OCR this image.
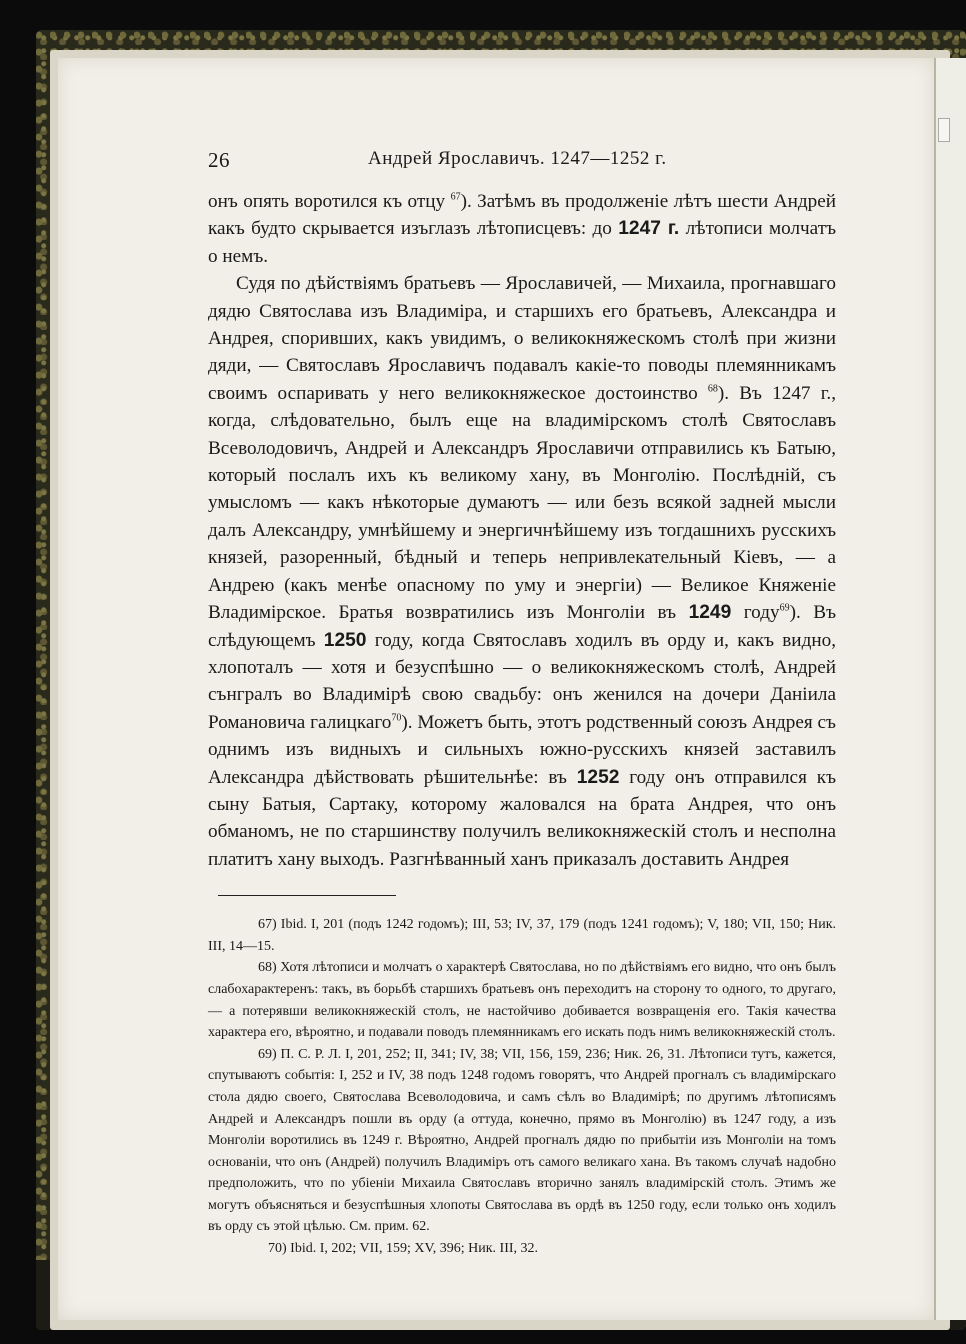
26	Андрей Ярославичъ. 1247—1252 г.

онъ опять воротился къ отцу $^{67}$). Затѣмъ въ продолженіе лѣтъ шести Андрей какъ будто скрывается изъглазъ лѣтописцевъ: до 1247 г. лѣтописи молчатъ о немъ.

Судя по дѣйствіямъ братьевъ — Ярославичей, — Михаила, прогнавшаго дядю Святослава изъ Владиміра, и старшихъ его братьевъ, Александра и Андрея, споривших, какъ увидимъ, о великокняжескомъ столѣ при жизни дяди, — Святославъ Ярославичъ подавалъ какіе-то поводы племянникамъ своимъ оспаривать у него великокняжеское достоинство $^{68}$). Въ 1247 г., когда, слѣдовательно, былъ еще на владимірскомъ столѣ Святославъ Всеволодовичъ, Андрей и Александръ Ярославичи отправились къ Батыю, который послалъ ихъ къ великому хану, въ Монголію. Послѣдній, съ умысломъ — какъ нѣкоторые думаютъ — или безъ всякой задней мысли далъ Александру, умнѣйшему и энергичнѣйшему изъ тогдашнихъ русскихъ князей, разоренный, бѣдный и теперь непривлекательный Кіевъ, — а Андрею (какъ менѣе опасному по уму и энергіи) — Великое Княженіе Владимірское. Братья возвратились изъ Монголіи въ 1249 году$^{69}$). Въ слѣдующемъ 1250 году, когда Святославъ ходилъ въ орду и, какъ видно, хлопоталъ — хотя и безуспѣшно — о великокняжескомъ столѣ, Андрей сънгралъ во Владимірѣ свою свадьбу: онъ женился на дочери Даніила Романовича галицкаго$^{70}$). Можетъ быть, этотъ родственный союзъ Андрея съ однимъ изъ видныхъ и сильныхъ южно-русскихъ князей заставилъ Александра дѣйствовать рѣшительнѣе: въ 1252 году онъ отправился къ сыну Батыя, Сартаку, которому жаловался на брата Андрея, что онъ обманомъ, не по старшинству получилъ великокняжескій столъ и несполна платитъ хану выходъ. Разгнѣванный ханъ приказалъ доставить Андрея

67) Ibid. I, 201 (подъ 1242 годомъ); III, 53; IV, 37, 179 (подъ 1241 годомъ); V, 180; VII, 150; Ник. III, 14—15.

68) Хотя лѣтописи и молчатъ о характерѣ Святослава, но по дѣйствіямъ его видно, что онъ былъ слабохарактеренъ: такъ, въ борьбѣ старшихъ братьевъ онъ переходитъ на сторону то одного, то другаго, — а потерявши великокняжескій столъ, не настойчиво добивается возвращенія его. Такія качества характера его, вѣроятно, и подавали поводъ племянникамъ его искать подъ нимъ великокняжескій столъ.

69) П. С. Р. Л. I, 201, 252; II, 341; IV, 38; VII, 156, 159, 236; Ник. 26, 31. Лѣтописи тутъ, кажется, спутываютъ событія: I, 252 и IV, 38 подъ 1248 годомъ говорятъ, что Андрей прогналъ съ владимірскаго стола дядю своего, Святослава Всеволодовича, и самъ сѣлъ во Владимірѣ; по другимъ лѣтописямъ Андрей и Александръ пошли въ орду (а оттуда, конечно, прямо въ Монголію) въ 1247 году, а изъ Монголіи воротились въ 1249 г. Вѣроятно, Андрей прогналъ дядю по прибытіи изъ Монголіи на томъ основаніи, что онъ (Андрей) получилъ Владиміръ отъ самого великаго хана. Въ такомъ случаѣ надобно предположить, что по убіеніи Михаила Святославъ вторично занялъ владимірскій столъ. Этимъ же могутъ объясняться и безуспѣшныя хлопоты Святослава въ ордѣ въ 1250 году, если только онъ ходилъ въ орду съ этой цѣлью. См. прим. 62.

70) Ibid. I, 202; VII, 159; XV, 396; Ник. III, 32.
